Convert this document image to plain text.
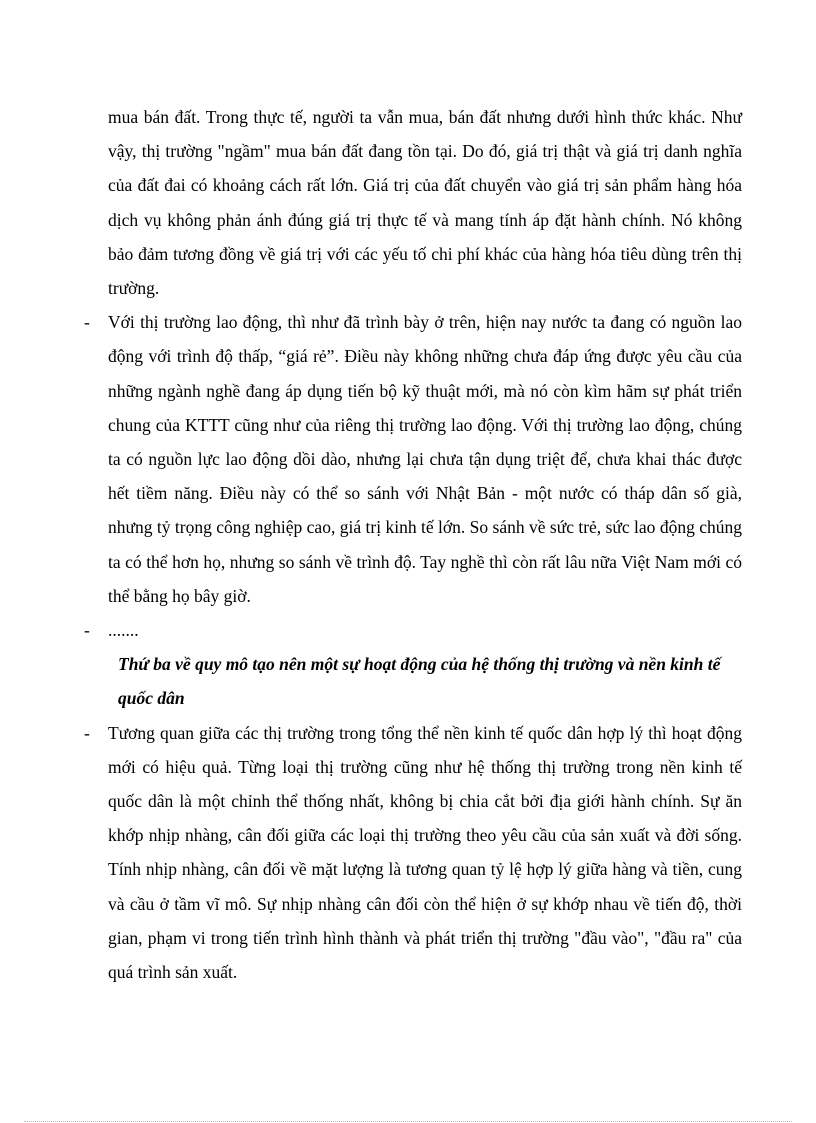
mua bán đất. Trong thực tế, người ta vẫn mua, bán đất nhưng dưới hình thức khác. Như vậy, thị trường "ngầm" mua bán đất đang tồn tại. Do đó, giá trị thật và giá trị danh nghĩa của đất đai có khoảng cách rất lớn. Giá trị của đất chuyển vào giá trị sản phẩm hàng hóa dịch vụ không phản ánh đúng giá trị thực tế và mang tính áp đặt hành chính. Nó không bảo đảm tương đồng về giá trị với các yếu tố chi phí khác của hàng hóa tiêu dùng trên thị trường.

-	Với thị trường lao động, thì như đã trình bày ở trên, hiện nay nước ta đang có nguồn lao động với trình độ thấp, “giá rẻ”. Điều này không những chưa đáp ứng được yêu cầu của những ngành nghề đang áp dụng tiến bộ kỹ thuật mới, mà nó còn kìm hãm sự phát triển chung của KTTT cũng như của riêng thị trường lao động. Với thị trường lao động, chúng ta có nguồn lực lao động dồi dào, nhưng lại chưa tận dụng triệt để, chưa khai thác được hết tiềm năng. Điều này có thể so sánh với Nhật Bản - một nước có tháp dân số già, nhưng tỷ trọng công nghiệp cao, giá trị kinh tế lớn. So sánh về sức trẻ, sức lao động chúng ta có thể hơn họ, nhưng so sánh về trình độ. Tay nghề thì còn rất lâu nữa Việt Nam mới có thể bằng họ bây giờ.
-	.......

Thứ ba về quy mô tạo nên một sự hoạt động của hệ thống thị trường và nền kinh tế quốc dân

-	Tương quan giữa các thị trường trong tổng thể nền kinh tế quốc dân hợp lý thì hoạt động mới có hiệu quả. Từng loại thị trường cũng như hệ thống thị trường trong nền kinh tế quốc dân là một chỉnh thể thống nhất, không bị chia cắt bởi địa giới hành chính. Sự ăn khớp nhịp nhàng, cân đối giữa các loại thị trường theo yêu cầu của sản xuất và đời sống. Tính nhịp nhàng, cân đối về mặt lượng là tương quan tỷ lệ hợp lý giữa hàng và tiền, cung và cầu ở tầm vĩ mô. Sự nhịp nhàng cân đối còn thể hiện ở sự khớp nhau về tiến độ, thời gian, phạm vi trong tiến trình hình thành và phát triển thị trường "đầu vào", "đầu ra" của quá trình sản xuất.
